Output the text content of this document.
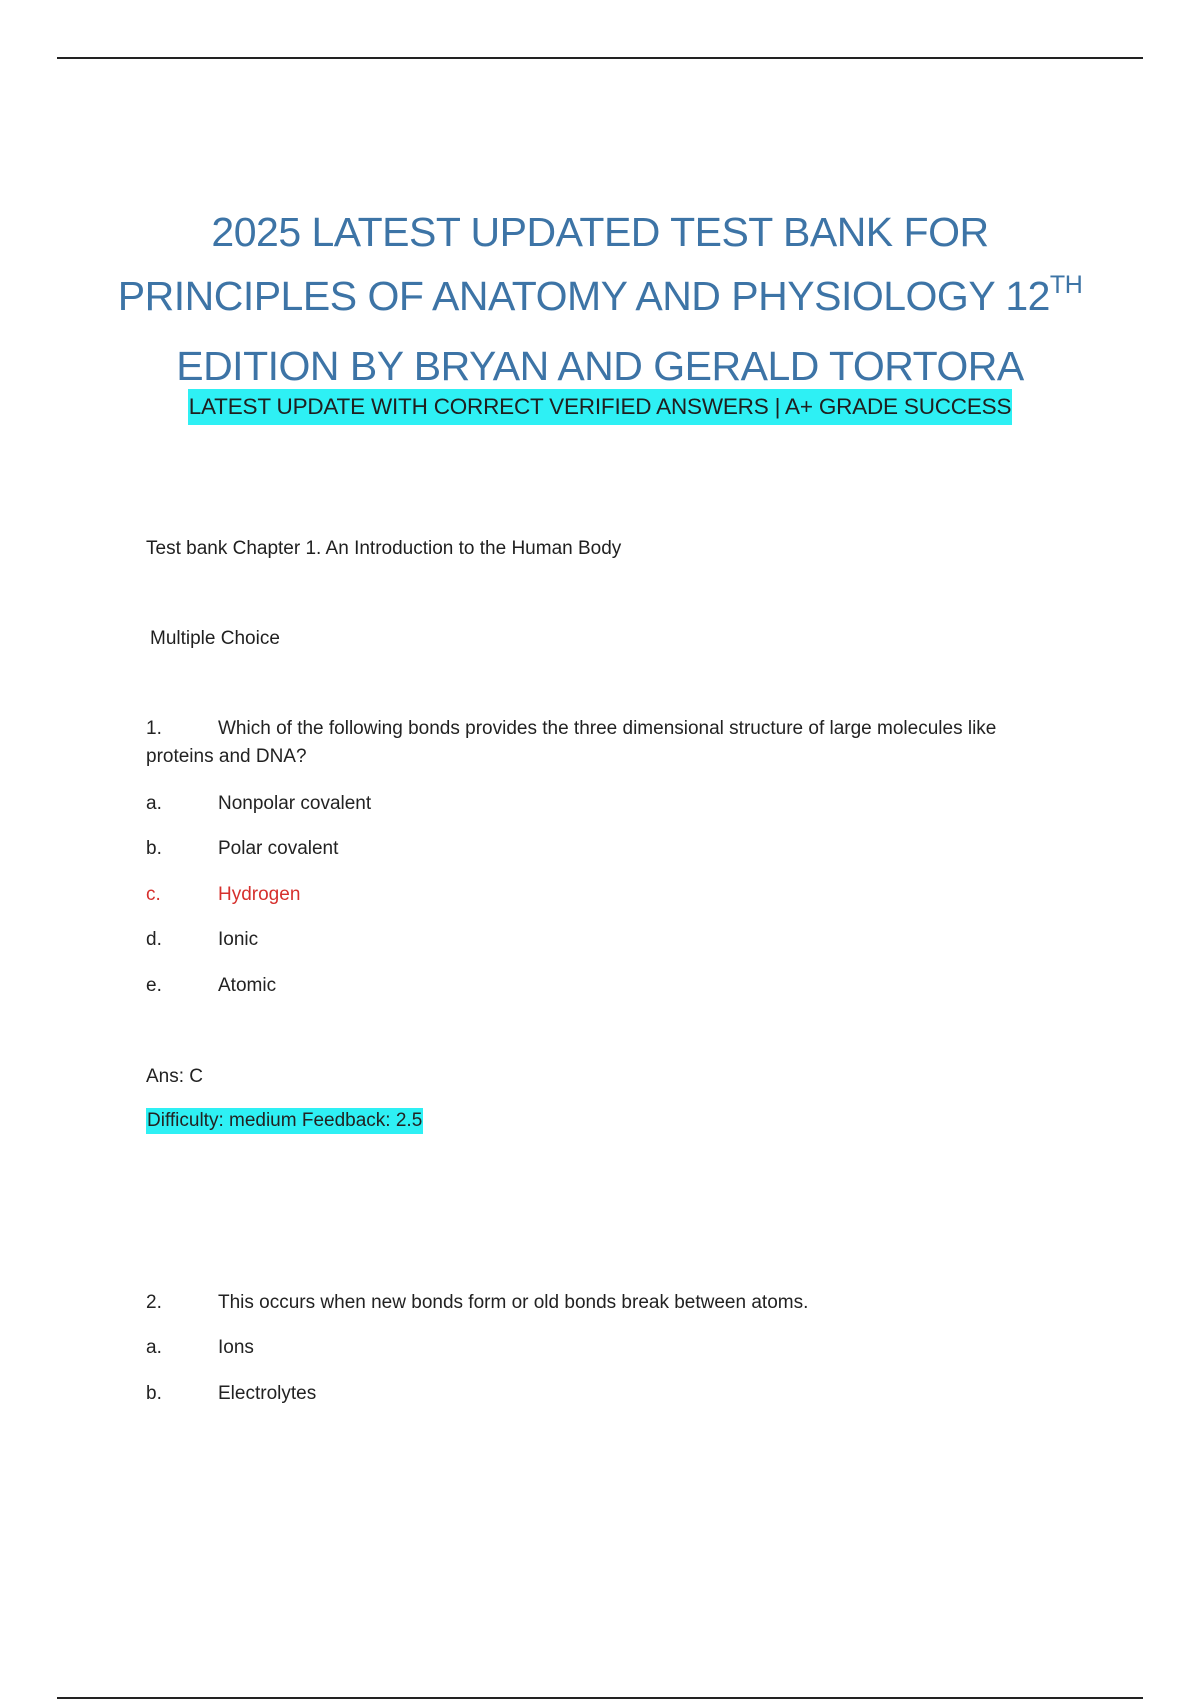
2025 LATEST UPDATED TEST BANK FOR
PRINCIPLES OF ANATOMY AND PHYSIOLOGY 12TH
EDITION BY BRYAN AND GERALD TORTORA
LATEST UPDATE WITH CORRECT VERIFIED ANSWERS | A+ GRADE SUCCESS
Test bank Chapter 1. An Introduction to the Human Body
Multiple Choice
1.	Which of the following bonds provides the three dimensional structure of large molecules like
proteins and DNA?
a.	Nonpolar covalent
b.	Polar covalent
c.	Hydrogen
d.	Ionic
e.	Atomic
Ans: C
Difficulty: medium Feedback: 2.5
2.	This occurs when new bonds form or old bonds break between atoms.
a.	Ions
b.	Electrolytes
